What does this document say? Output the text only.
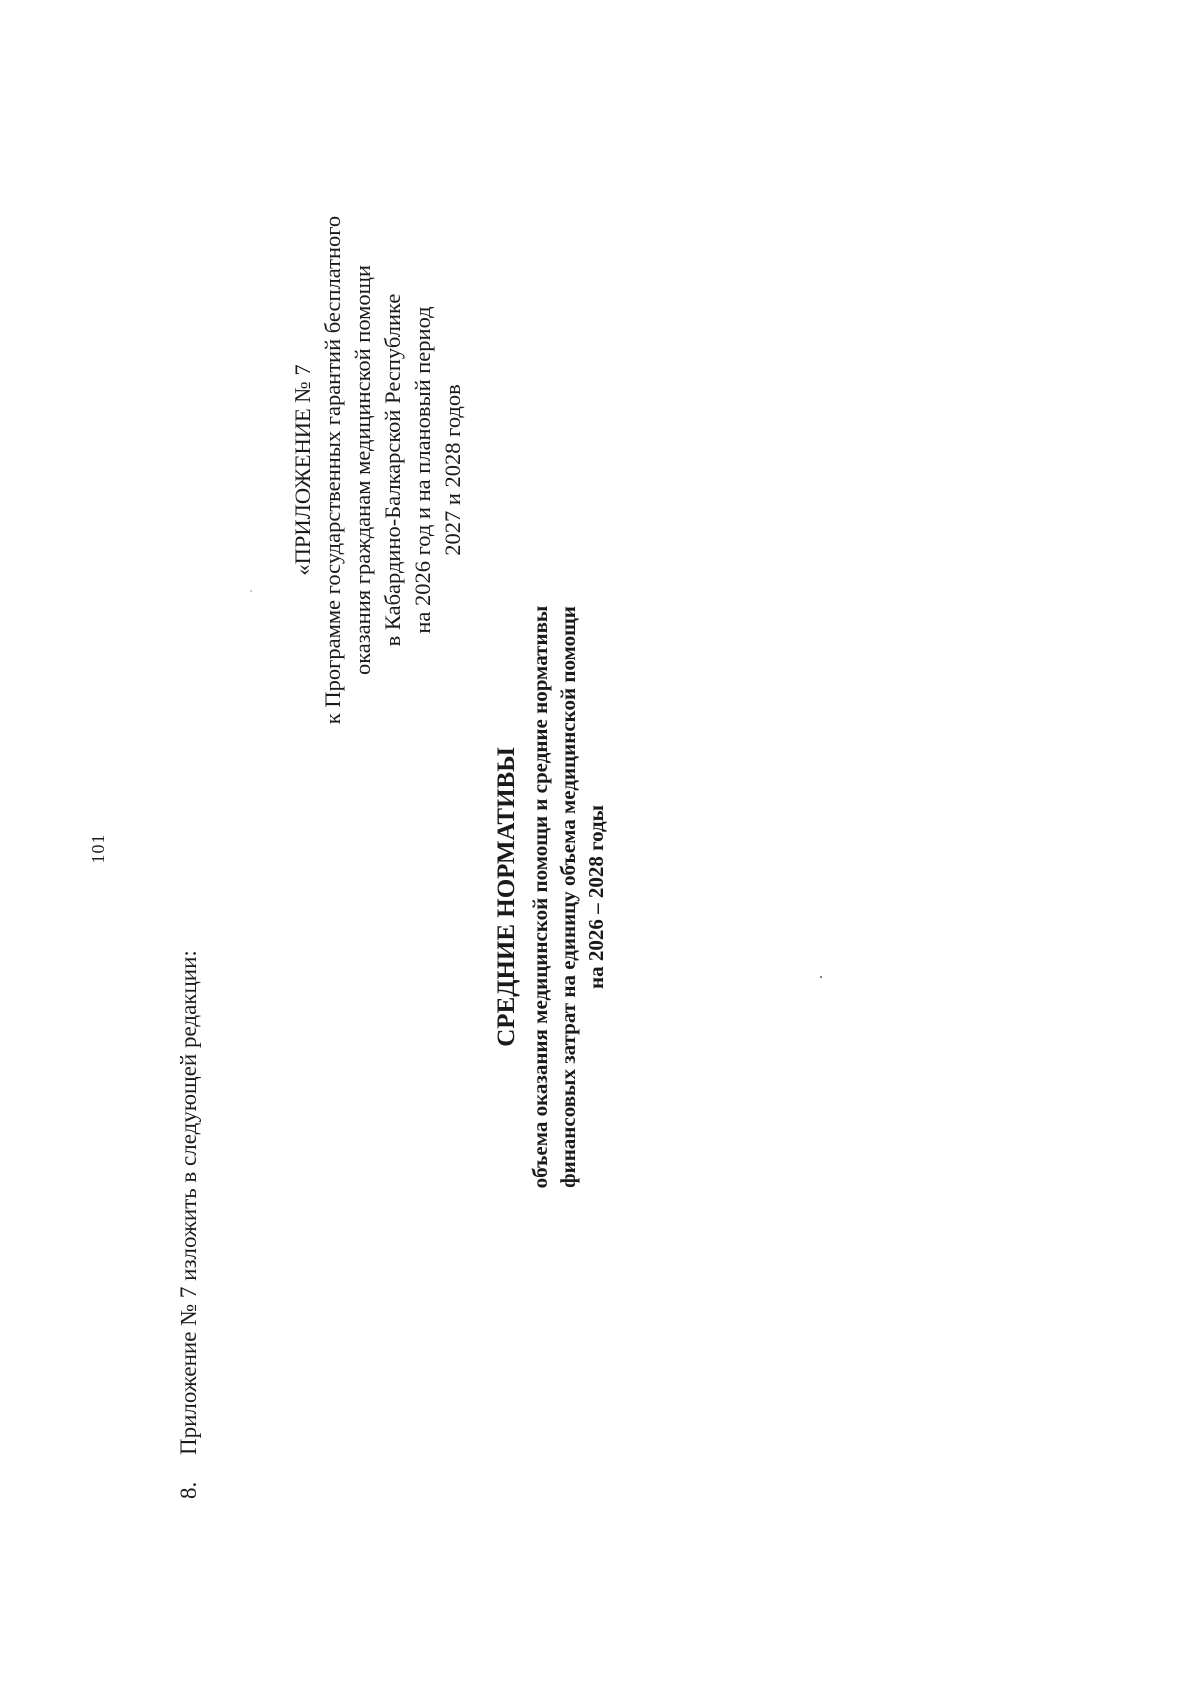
101
8.Приложение № 7 изложить в следующей редакции:
«ПРИЛОЖЕНИЕ № 7 к Программе государственных гарантий бесплатного оказания гражданам медицинской помощи в Кабардино-Балкарской Республике на 2026 год и на плановый период 2027 и 2028 годов
СРЕДНИЕ НОРМАТИВЫ объема оказания медицинской помощи и средние нормативы финансовых затрат на единицу объема медицинской помощи на 2026 – 2028 годы
